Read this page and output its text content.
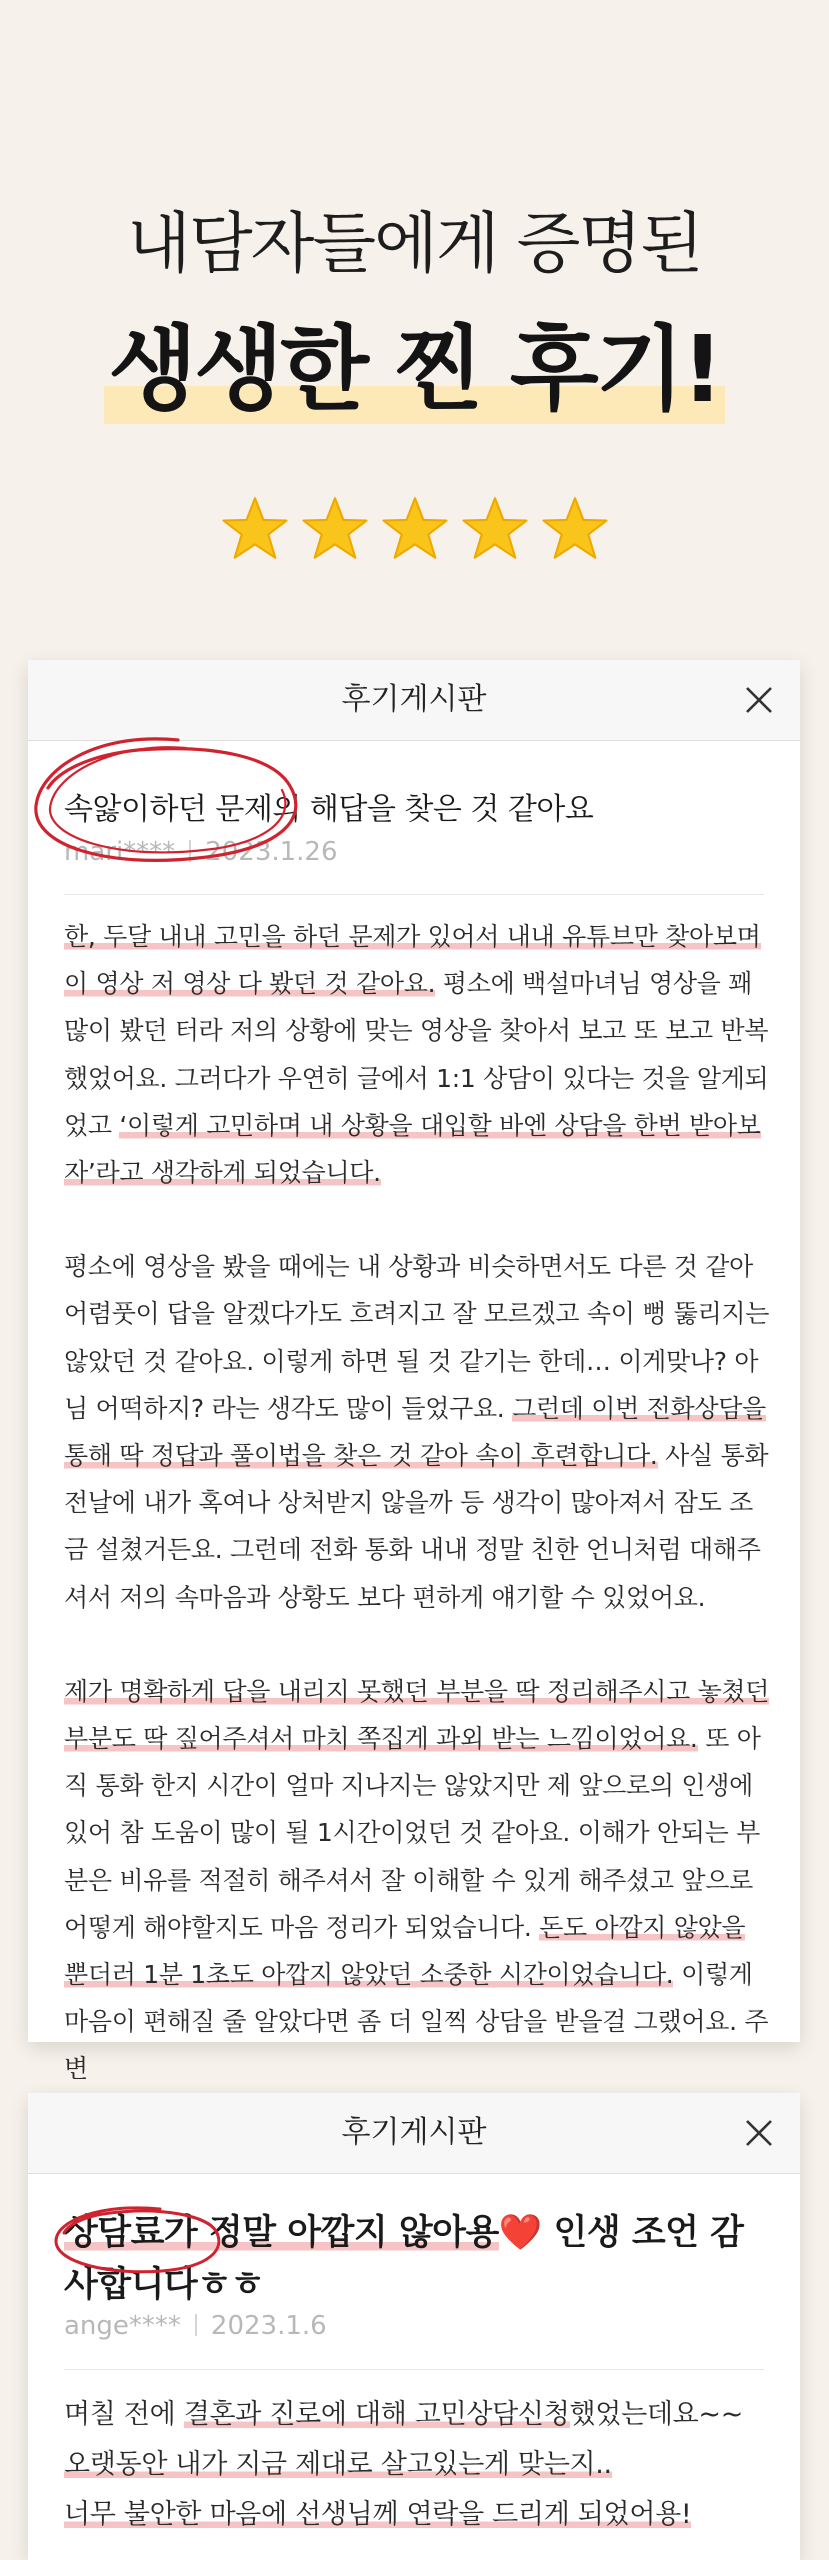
내담자들에게 증명된
생생한 찐 후기!
후기게시판
속앓이하던 문제의 해답을 찾은 것 같아요
mari**** 2023.1.26

한, 두달 내내 고민을 하던 문제가 있어서 내내 유튜브만 찾아보며 이 영상 저 영상 다 봤던 것 같아요. 평소에 백설마녀님 영상을 꽤 많이 봤던 터라 저의 상황에 맞는 영상을 찾아서 보고 또 보고 반복했었어요. 그러다가 우연히 글에서 1:1 상담이 있다는 것을 알게되었고 ‘이렇게 고민하며 내 상황을 대입할 바엔 상담을 한번 받아보자’라고 생각하게 되었습니다.

평소에 영상을 봤을 때에는 내 상황과 비슷하면서도 다른 것 같아 어렴풋이 답을 알겠다가도 흐려지고 잘 모르겠고 속이 뻥 뚫리지는 않았던 것 같아요. 이렇게 하면 될 것 같기는 한데… 이게맞나? 아님 어떡하지? 라는 생각도 많이 들었구요. 그런데 이번 전화상담을 통해 딱 정답과 풀이법을 찾은 것 같아 속이 후련합니다. 사실 통화 전날에 내가 혹여나 상처받지 않을까 등 생각이 많아져서 잠도 조금 설쳤거든요. 그런데 전화 통화 내내 정말 친한 언니처럼 대해주셔서 저의 속마음과 상황도 보다 편하게 얘기할 수 있었어요.

제가 명확하게 답을 내리지 못했던 부분을 딱 정리해주시고 놓쳤던 부분도 딱 짚어주셔서 마치 쪽집게 과외 받는 느낌이었어요. 또 아직 통화 한지 시간이 얼마 지나지는 않았지만 제 앞으로의 인생에 있어 참 도움이 많이 될 1시간이었던 것 같아요. 이해가 안되는 부분은 비유를 적절히 해주셔서 잘 이해할 수 있게 해주셨고 앞으로 어떻게 해야할지도 마음 정리가 되었습니다. 돈도 아깝지 않았을 뿐더러 1분 1초도 아깝지 않았던 소중한 시간이었습니다. 이렇게 마음이 편해질 줄 알았다면 좀 더 일찍 상담을 받을걸 그랬어요. 주변

후기게시판
상담료가 정말 아깝지 않아용❤️ 인생 조언 감사합니다ㅎㅎ
ange**** 2023.1.6
며칠 전에 결혼과 진로에 대해 고민상담신청했었는데요~~
오랫동안 내가 지금 제대로 살고있는게 맞는지..
너무 불안한 마음에 선생님께 연락을 드리게 되었어용!
